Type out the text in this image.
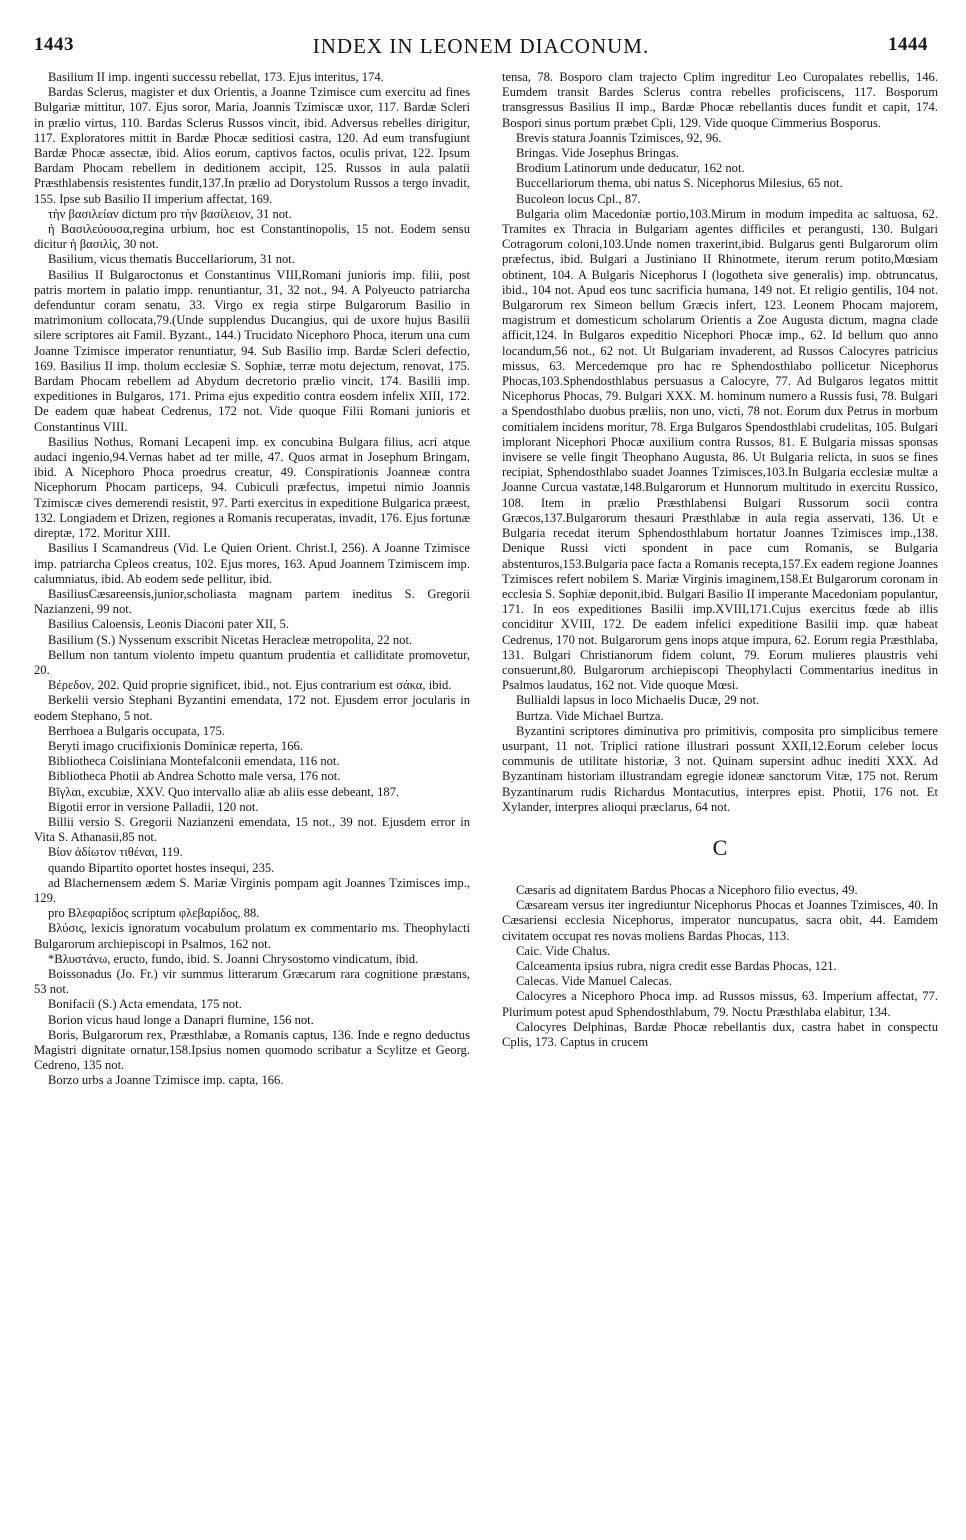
1443	INDEX IN LEONEM DIACONUM.	1444

Basilium II imp. ingenti successu rebellat, 173. Ejus interitus, 174.

Bardas Sclerus, magister et dux Orientis, a Joanne Tzimisce cum exercitu ad fines Bulgariæ mittitur, 107. Ejus soror, Maria, Joannis Tzimiscæ uxor, 117. Bardæ Scleri in prælio virtus, 110. Bardas Sclerus Russos vincit, ibid. Adversus rebelles dirigitur, 117. Exploratores mittit in Bardæ Phocæ seditiosi castra, 120. Ad eum transfugiunt Bardæ Phocæ assectæ, ibid. Alios eorum, captivos factos, oculis privat, 122. Ipsum Bardam Phocam rebellem in deditionem accipit, 125. Russos in aula palatii Præsthlabensis resistentes fundit,137.In prælio ad Dorystolum Russos a tergo invadit, 155. Ipse sub Basilio II imperium affectat, 169.

τὴν βασιλείαν dictum pro τὴν βασίλειον, 31 not.

ἡ Βασιλεύουσα,regina urbium, hoc est Constantinopolis, 15 not. Eodem sensu dicitur ἡ βασιλὶς, 30 not.

Basilium, vicus thematis Buccellariorum, 31 not.

Basilius II Bulgaroctonus et Constantinus VIII,Romani junioris imp. filii, post patris mortem in palatio impp. renuntiantur, 31, 32 not., 94. A Polyeucto patriarcha defenduntur coram senatu, 33. Virgo ex regia stirpe Bulgarorum Basilio in matrimonium collocata,79.(Unde supplendus Ducangius, qui de uxore hujus Basilii silere scriptores ait Famil. Byzant., 144.) Trucidato Nicephoro Phoca, iterum una cum Joanne Tzimisce imperator renuntiatur, 94. Sub Basilio imp. Bardæ Scleri defectio, 169. Basilius II imp. tholum ecclesiæ S. Sophiæ, terræ motu dejectum, renovat, 175. Bardam Phocam rebellem ad Abydum decretorio prælio vincit, 174. Basilii imp. expeditiones in Bulgaros, 171. Prima ejus expeditio contra eosdem infelix XIII, 172. De eadem quæ habeat Cedrenus, 172 not. Vide quoque Filii Romani junioris et Constantinus VIII.

Basilius Nothus, Romani Lecapeni imp. ex concubina Bulgara filius, acri atque audaci ingenio,94.Vernas habet ad ter mille, 47. Quos armat in Josephum Bringam, ibid. A Nicephoro Phoca proedrus creatur, 49. Conspirationis Joanneæ contra Nicephorum Phocam particeps, 94. Cubiculi præfectus, impetui nimio Joannis Tzimiscæ cives demerendi resistit, 97. Parti exercitus in expeditione Bulgarica præest, 132. Longiadem et Drizen, regiones a Romanis recuperatas, invadit, 176. Ejus fortunæ direptæ, 172. Moritur XIII.

Basilius I Scamandreus (Vid. Le Quien Orient. Christ.I, 256). A Joanne Tzimisce imp. patriarcha Cpleos creatus, 102. Ejus mores, 163. Apud Joannem Tzimiscem imp. calumniatus, ibid. Ab eodem sede pellitur, ibid.

BasiliusCæsareensis,junior,scholiasta magnam partem ineditus S. Gregorii Nazianzeni, 99 not.

Basilius Caloensis, Leonis Diaconi pater XII, 5.

Basilium (S.) Nyssenum exscribit Nicetas Heracleæ metropolita, 22 not.

Bellum non tantum violento impetu quantum prudentia et calliditate promovetur, 20.

Βέρεδον, 202. Quid proprie significet, ibid., not. Ejus contrarium est σάκα, ibid.

Berkelii versio Stephani Byzantini emendata, 172 not. Ejusdem error jocularis in eodem Stephano, 5 not.

Berrhoea a Bulgaris occupata, 175.

Beryti imago crucifixionis Dominicæ reperta, 166.

Bibliotheca Coisliniana Montefalconii emendata, 116 not.

Bibliotheca Photii ab Andrea Schotto male versa, 176 not.

Βῖγλαι, excubiæ, XXV. Quo intervallo aliæ ab aliis esse debeant, 187.

Bigotii error in versione Palladii, 120 not.

Billii versio S. Gregorii Nazianzeni emendata, 15 not., 39 not. Ejusdem error in Vita S. Athanasii,85 not.

Βίον ἀδίωτον τιθέναι, 119.

quando Bipartito oportet hostes insequi, 235.

ad Blachernensem ædem S. Mariæ Virginis pompam agit Joannes Tzimisces imp., 129.

pro Βλεφαρίδος scriptum φλεβαρίδος, 88.

Βλύσις, lexicis ignoratum vocabulum prolatum ex commentario ms. Theophylacti Bulgarorum archiepiscopi in Psalmos, 162 not.

*Βλυστάνω, eructo, fundo, ibid. S. Joanni Chrysostomo vindicatum, ibid.

Boissonadus (Jo. Fr.) vir summus litterarum Græcarum rara cognitione præstans, 53 not.

Bonifacii (S.) Acta emendata, 175 not.

Borion vicus haud longe a Danapri flumine, 156 not.

Boris, Bulgarorum rex, Præsthlabæ, a Romanis captus, 136. Inde e regno deductus Magistri dignitate ornatur,158.Ipsius nomen quomodo scribatur a Scylitze et Georg. Cedreno, 135 not.

Borzo urbs a Joanne Tzimisce imp. capta, 166.

tensa, 78. Bosporo clam trajecto Cplim ingreditur Leo Curopalates rebellis, 146. Eumdem transit Bardes Sclerus contra rebelles proficiscens, 117. Bosporum transgressus Basilius II imp., Bardæ Phocæ rebellantis duces fundit et capit, 174. Bospori sinus portum præbet Cpli, 129. Vide quoque Cimmerius Bosporus.

Brevis statura Joannis Tzimisces, 92, 96.

Bringas. Vide Josephus Bringas.

Brodium Latinorum unde deducatur, 162 not.

Buccellariorum thema, ubi natus S. Nicephorus Milesius, 65 not.

Bucoleon locus Cpl., 87.

Bulgaria olim Macedoniæ portio,103.Mirum in modum impedita ac saltuosa, 62. Tramites ex Thracia in Bulgariam agentes difficiles et perangusti, 130. Bulgari Cotragorum coloni,103.Unde nomen traxerint,ibid. Bulgarus genti Bulgarorum olim præfectus, ibid. Bulgari a Justiniano II Rhinotmete, iterum rerum potito,Mœsiam obtinent, 104. A Bulgaris Nicephorus I (logotheta sive generalis) imp. obtruncatus, ibid., 104 not. Apud eos tunc sacrificia humana, 149 not. Et religio gentilis, 104 not. Bulgarorum rex Simeon bellum Græcis infert, 123. Leonem Phocam majorem, magistrum et domesticum scholarum Orientis a Zoe Augusta dictum, magna clade afficit,124. In Bulgaros expeditio Nicephori Phocæ imp., 62. Id bellum quo anno locandum,56 not., 62 not. Ut Bulgariam invaderent, ad Russos Calocyres patricius missus, 63. Mercedemque pro hac re Sphendosthlabo pollicetur Nicephorus Phocas,103.Sphendosthlabus persuasus a Calocyre, 77. Ad Bulgaros legatos mittit Nicephorus Phocas, 79. Bulgari XXX. M. hominum numero a Russis fusi, 78. Bulgari a Spendosthlabo duobus præliis, non uno, victi, 78 not. Eorum dux Petrus in morbum comitialem incidens moritur, 78. Erga Bulgaros Spendosthlabi crudelitas, 105. Bulgari implorant Nicephori Phocæ auxilium contra Russos, 81. E Bulgaria missas sponsas invisere se velle fingit Theophano Augusta, 86. Ut Bulgaria relicta, in suos se fines recipiat, Sphendosthlabo suadet Joannes Tzimisces,103.In Bulgaria ecclesiæ multæ a Joanne Curcua vastatæ,148.Bulgarorum et Hunnorum multitudo in exercitu Russico, 108. Item in prælio Præsthlabensi Bulgari Russorum socii contra Græcos,137.Bulgarorum thesauri Præsthlabæ in aula regia asservati, 136. Ut e Bulgaria recedat iterum Sphendosthlabum hortatur Joannes Tzimisces imp.,138. Denique Russi victi spondent in pace cum Romanis, se Bulgaria abstenturos,153.Bulgaria pace facta a Romanis recepta,157.Ex eadem regione Joannes Tzimisces refert nobilem S. Mariæ Virginis imaginem,158.Et Bulgarorum coronam in ecclesia S. Sophiæ deponit,ibid. Bulgari Basilio II imperante Macedoniam populantur, 171. In eos expeditiones Basilii imp.XVIII,171.Cujus exercitus fœde ab illis conciditur XVIII, 172. De eadem infelici expeditione Basilii imp. quæ habeat Cedrenus, 170 not. Bulgarorum gens inops atque impura, 62. Eorum regia Præsthlaba, 131. Bulgari Christianorum fidem colunt, 79. Eorum mulieres plaustris vehi consuerunt,80. Bulgarorum archiepiscopi Theophylacti Commentarius ineditus in Psalmos laudatus, 162 not. Vide quoque Mœsi.

Bullialdi lapsus in loco Michaelis Ducæ, 29 not.

Burtza. Vide Michael Burtza.

Byzantini scriptores diminutiva pro primitivis, composita pro simplicibus temere usurpant, 11 not. Triplici ratione illustrari possunt XXII,12.Eorum celeber locus communis de utilitate historiæ, 3 not. Quinam supersint adhuc inediti XXX. Ad Byzantinam historiam illustrandam egregie idoneæ sanctorum Vitæ, 175 not. Rerum Byzantinarum rudis Richardus Montacutius, interpres epist. Photii, 176 not. Et Xylander, interpres alioqui præclarus, 64 not.

C

Cæsaris ad dignitatem Bardus Phocas a Nicephoro filio evectus, 49.

Cæsaream versus iter ingrediuntur Nicephorus Phocas et Joannes Tzimisces, 40. In Cæsariensi ecclesia Nicephorus, imperator nuncupatus, sacra obit, 44. Eamdem civitatem occupat res novas moliens Bardas Phocas, 113.

Caic. Vide Chalus.

Calceamenta ipsius rubra, nigra credit esse Bardas Phocas, 121.

Calecas. Vide Manuel Calecas.

Calocyres a Nicephoro Phoca imp. ad Russos missus, 63. Imperium affectat, 77. Plurimum potest apud Sphendosthlabum, 79. Noctu Præsthlaba elabitur, 134.

Calocyres Delphinas, Bardæ Phocæ rebellantis dux, castra habet in conspectu Cplis, 173. Captus in crucem
